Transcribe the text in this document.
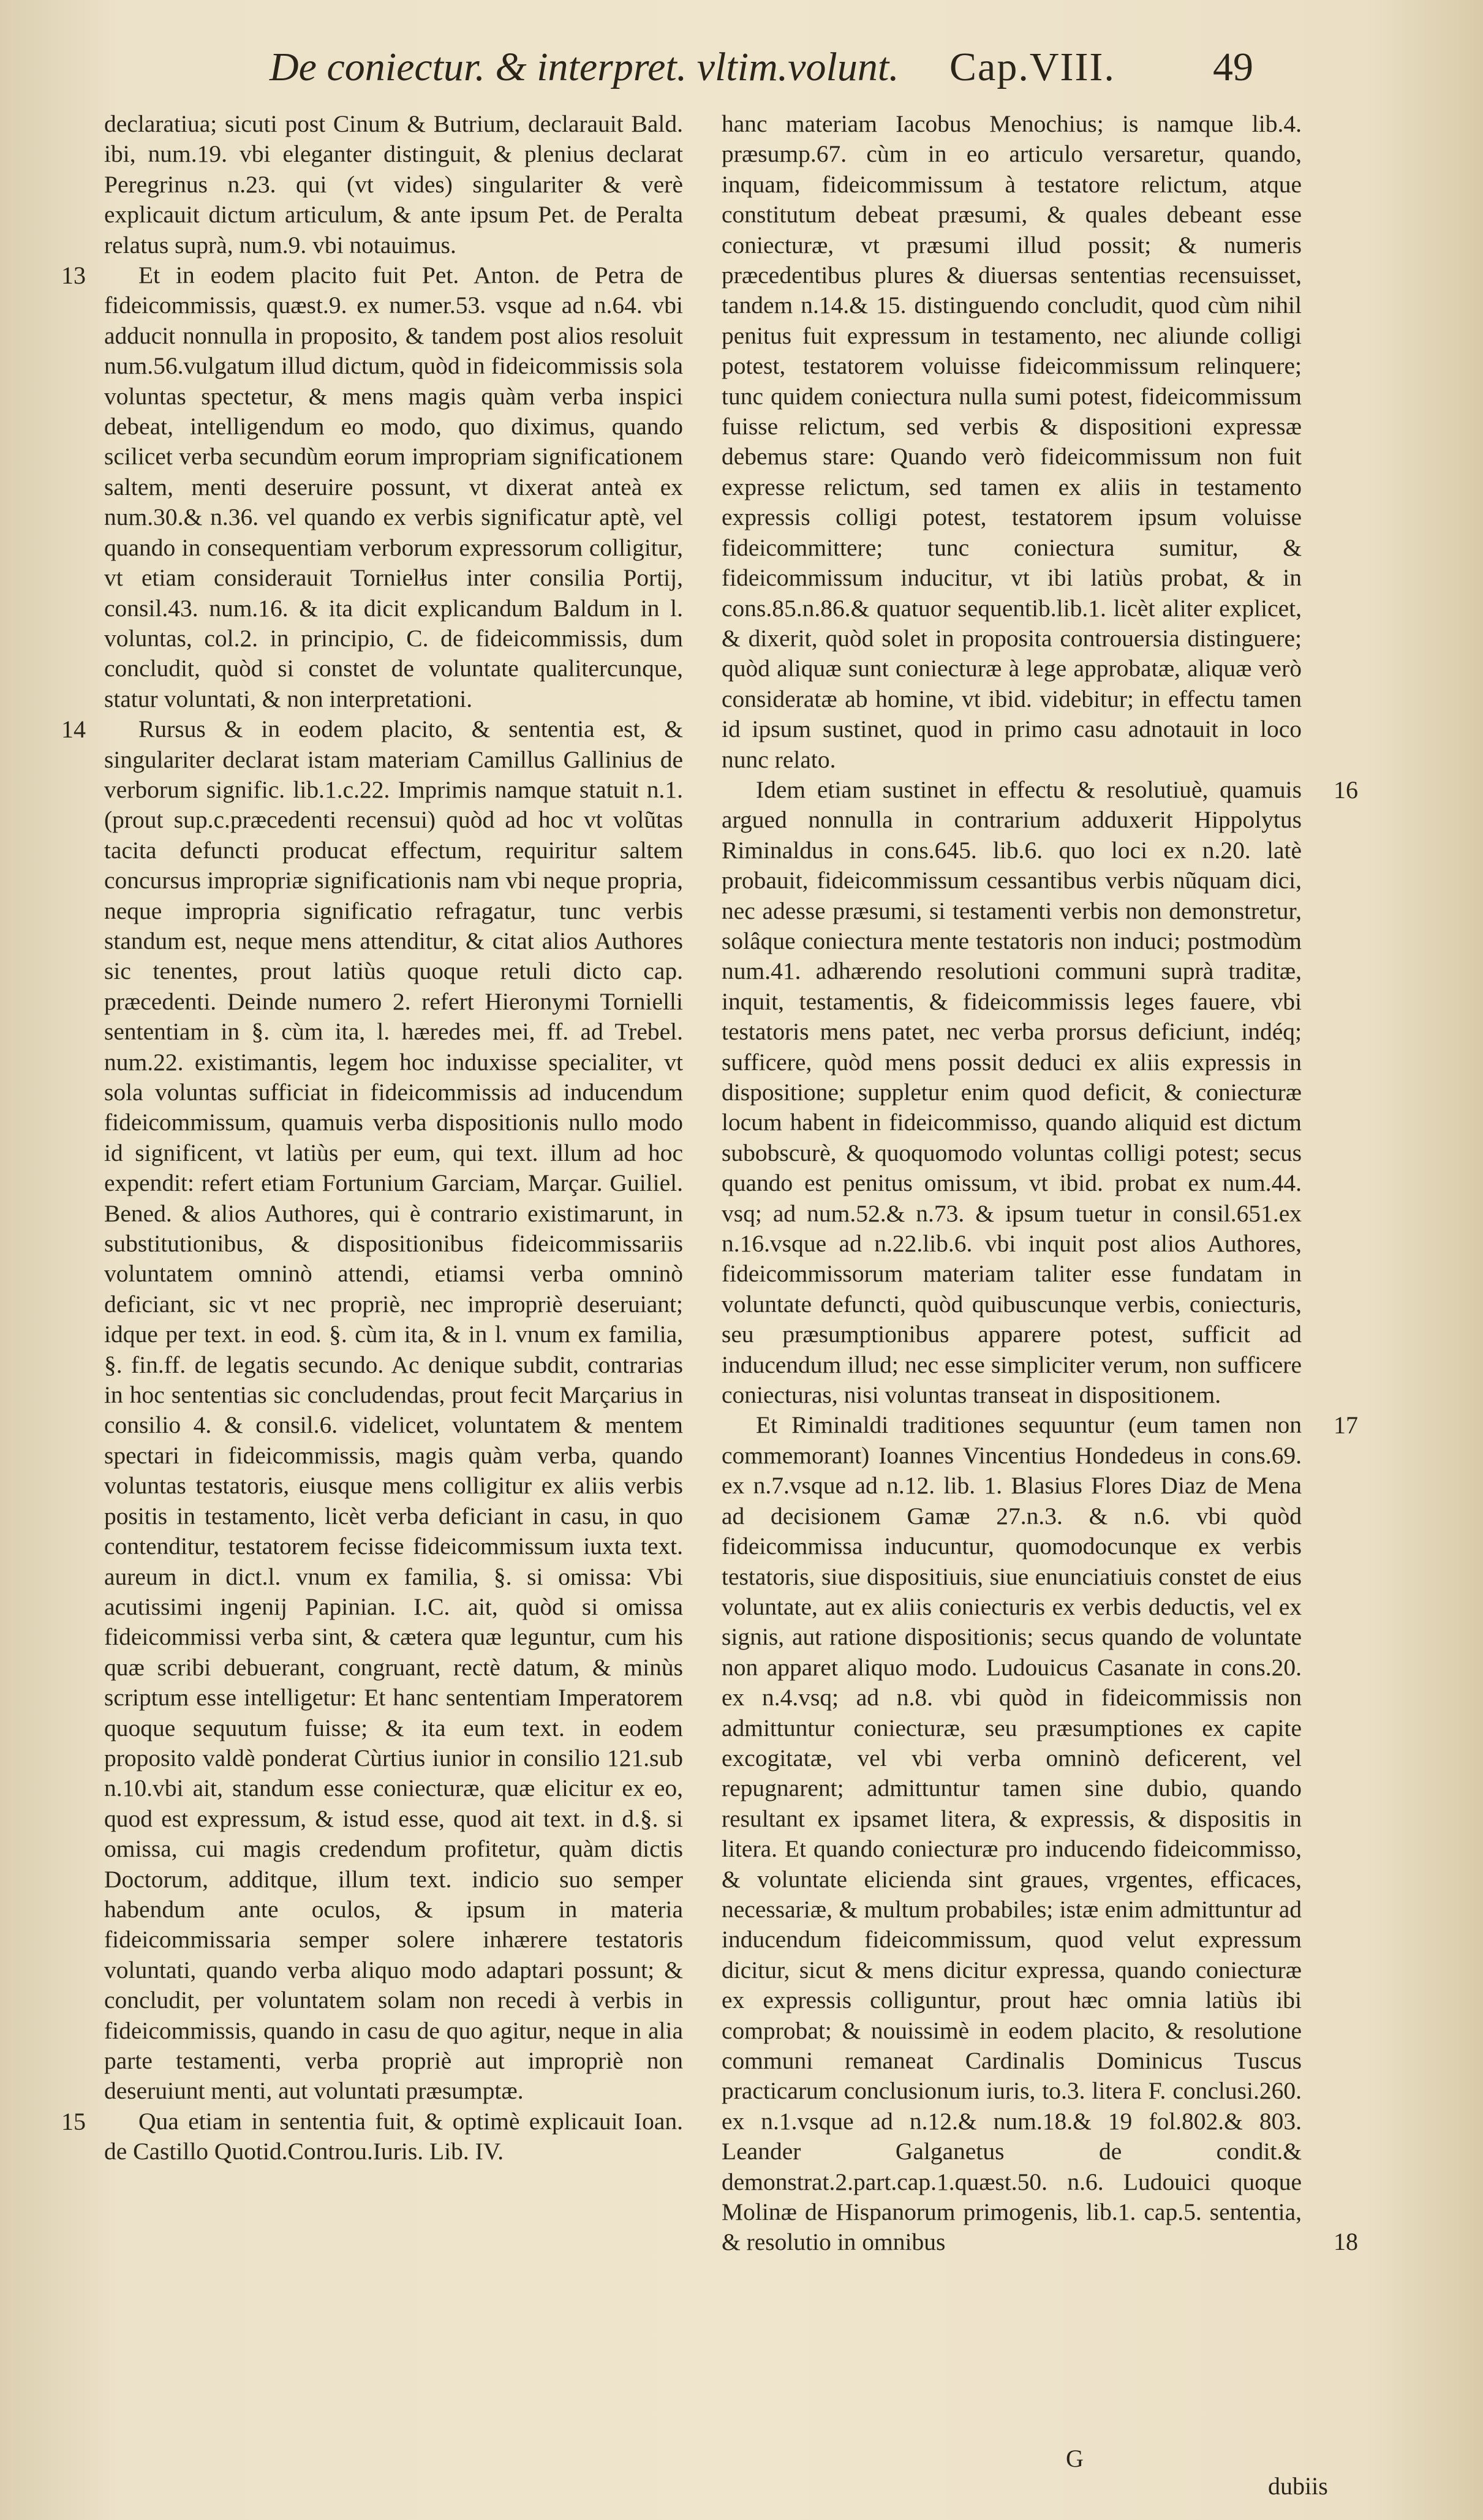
De coniectur. & interpret. vltim.volunt. Cap.VIII. 49

declaratiua; sicuti post Cinum & Butrium, declarauit Bald. ibi, num.19. vbi eleganter distinguit, & plenius declarat Peregrinus n.23. qui (vt vides) singulariter & verè explicauit dictum articulum, & ante ipsum Pet. de Peralta relatus suprà, num.9. vbi notauimus.

13	Et in eodem placito fuit Pet. Anton. de Petra de fideicommissis, quæst.9. ex numer.53. vsque ad n.64. vbi adducit nonnulla in proposito, & tandem post alios resoluit num.56.vulgatum illud dictum, quòd in fideicommissis sola voluntas spectetur, & mens magis quàm verba inspici debeat, intelligendum eo modo, quo diximus, quando scilicet verba secundùm eorum impropriam significationem saltem, menti deseruire possunt, vt dixerat anteà ex num.30.& n.36. vel quando ex verbis significatur aptè, vel quando in consequentiam verborum expressorum colligitur, vt etiam considerauit Tornielłus inter consilia Portij, consil.43. num.16. & ita dicit explicandum Baldum in l. voluntas, col.2. in principio, C. de fideicommissis, dum concludit, quòd si constet de voluntate qualitercunque, statur voluntati, & non interpretationi.

14	Rursus & in eodem placito, & sententia est, & singulariter declarat istam materiam Camillus Gallinius de verborum signific. lib.1.c.22. Imprimis namque statuit n.1. (prout sup.c.præcedenti recensui) quòd ad hoc vt volũtas tacita defuncti producat effectum, requiritur saltem concursus impropriæ significationis nam vbi neque propria, neque impropria significatio refragatur, tunc verbis standum est, neque mens attenditur, & citat alios Authores sic tenentes, prout latiùs quoque retuli dicto cap. præcedenti. Deinde numero 2. refert Hieronymi Tornielli sententiam in §. cùm ita, l. hæredes mei, ff. ad Trebel. num.22. existimantis, legem hoc induxisse specialiter, vt sola voluntas sufficiat in fideicommissis ad inducendum fideicommissum, quamuis verba dispositionis nullo modo id significent, vt latiùs per eum, qui text. illum ad hoc expendit: refert etiam Fortunium Garciam, Marçar. Guiliel. Bened. & alios Authores, qui è contrario existimarunt, in substitutionibus, & dispositionibus fideicommissariis voluntatem omninò attendi, etiamsi verba omninò deficiant, sic vt nec propriè, nec impropriè deseruiant; idque per text. in eod. §. cùm ita, & in l. vnum ex familia, §. fin.ff. de legatis secundo. Ac denique subdit, contrarias in hoc sententias sic concludendas, prout fecit Marçarius in consilio 4. & consil.6. videlicet, voluntatem & mentem spectari in fideicommissis, magis quàm verba, quando voluntas testatoris, eiusque mens colligitur ex aliis verbis positis in testamento, licèt verba deficiant in casu, in quo contenditur, testatorem fecisse fideicommissum iuxta text. aureum in dict.l. vnum ex familia, §. si omissa: Vbi acutissimi ingenij Papinian. I.C. ait, quòd si omissa fideicommissi verba sint, & cætera quæ leguntur, cum his quæ scribi debuerant, congruant, rectè datum, & minùs scriptum esse intelligetur: Et hanc sententiam Imperatorem quoque sequutum fuisse; & ita eum text. in eodem proposito valdè ponderat Cùrtius iunior in consilio 121.sub n.10.vbi ait, standum esse coniecturæ, quæ elicitur ex eo, quod est expressum, & istud esse, quod ait text. in d.§. si omissa, cui magis credendum profitetur, quàm dictis Doctorum, additque, illum text. indicio suo semper habendum ante oculos, & ipsum in materia fideicommissaria semper solere inhærere testatoris voluntati, quando verba aliquo modo adaptari possunt; & concludit, per voluntatem solam non recedi à verbis in fideicommissis, quando in casu de quo agitur, neque in alia parte testamenti, verba propriè aut impropriè non deseruiunt menti, aut voluntati præsumptæ.

15	Qua etiam in sententia fuit, & optimè explicauit Ioan. de Castillo Quotid.Controu.Iuris. Lib. IV.

hanc materiam Iacobus Menochius; is namque lib.4. præsump.67. cùm in eo articulo versaretur, quando, inquam, fideicommissum à testatore relictum, atque constitutum debeat præsumi, & quales debeant esse coniecturæ, vt præsumi illud possit; & numeris præcedentibus plures & diuersas sententias recensuisset, tandem n.14.& 15. distinguendo concludit, quod cùm nihil penitus fuit expressum in testamento, nec aliunde colligi potest, testatorem voluisse fideicommissum relinquere; tunc quidem coniectura nulla sumi potest, fideicommissum fuisse relictum, sed verbis & dispositioni expressæ debemus stare: Quando verò fideicommissum non fuit expresse relictum, sed tamen ex aliis in testamento expressis colligi potest, testatorem ipsum voluisse fideicommittere; tunc coniectura sumitur, & fideicommissum inducitur, vt ibi latiùs probat, & in cons.85.n.86.& quatuor sequentib.lib.1. licèt aliter explicet, & dixerit, quòd solet in proposita controuersia distinguere; quòd aliquæ sunt coniecturæ à lege approbatæ, aliquæ verò consideratæ ab homine, vt ibid. videbitur; in effectu tamen id ipsum sustinet, quod in primo casu adnotauit in loco nunc relato.

16

Idem etiam sustinet in effectu & resolutiuè, quamuis argued nonnulla in contrarium adduxerit Hippolytus Riminaldus in cons.645. lib.6. quo loci ex n.20. latè probauit, fideicommissum cessantibus verbis nũquam dici, nec adesse præsumi, si testamenti verbis non demonstretur, solâque coniectura mente testatoris non induci; postmodùm num.41. adhærendo resolutioni communi suprà traditæ, inquit, testamentis, & fideicommissis leges fauere, vbi testatoris mens patet, nec verba prorsus deficiunt, indéq; sufficere, quòd mens possit deduci ex aliis expressis in dispositione; suppletur enim quod deficit, & coniecturæ locum habent in fideicommisso, quando aliquid est dictum subobscurè, & quoquomodo voluntas colligi potest; secus quando est penitus omissum, vt ibid. probat ex num.44. vsq; ad num.52.& n.73. & ipsum tuetur in consil.651.ex n.16.vsque ad n.22.lib.6. vbi inquit post alios Authores, fideicommissorum materiam taliter esse fundatam in voluntate defuncti, quòd quibuscunque verbis, coniecturis, seu præsumptionibus apparere potest, sufficit ad inducendum illud; nec esse simpliciter verum, non sufficere coniecturas, nisi voluntas transeat in dispositionem.

17

Et Riminaldi traditiones sequuntur (eum tamen non commemorant) Ioannes Vincentius Hondedeus in cons.69. ex n.7.vsque ad n.12. lib. 1. Blasius Flores Diaz de Mena ad decisionem Gamæ 27.n.3. & n.6. vbi quòd fideicommissa inducuntur, quomodocunque ex verbis testatoris, siue dispositiuis, siue enunciatiuis constet de eius voluntate, aut ex aliis coniecturis ex verbis deductis, vel ex signis, aut ratione dispositionis; secus quando de voluntate non apparet aliquo modo. Ludouicus Casanate in cons.20. ex n.4.vsq; ad n.8. vbi quòd in fideicommissis non admittuntur coniecturæ, seu præsumptiones ex capite excogitatæ, vel vbi verba omninò deficerent, vel repugnarent; admittuntur tamen sine dubio, quando resultant ex ipsamet litera, & expressis, & dispositis in litera. Et quando coniecturæ pro inducendo fideicommisso, & voluntate elicienda sint graues, vrgentes, efficaces, necessariæ, & multum probabiles; istæ enim admittuntur ad inducendum fideicommissum, quod velut expressum dicitur, sicut & mens dicitur expressa, quando coniecturæ ex expressis colliguntur, prout hæc omnia latiùs ibi comprobat; & nouissimè in eodem placito, & resolutione communi remaneat Cardinalis Dominicus Tuscus practicarum conclusionum iuris, to.3. litera F. conclusi.260. ex n.1.vsque ad n.12.& num.18.& 19 fol.802.& 803. Leander Galganetus de condit.& demonstrat.2.part.cap.1.quæst.50. n.6. Ludouici quoque Molinæ de Hispanorum primogenis, lib.1. cap.5. sententia, & resolutio in omnibus	18

G
dubiis
